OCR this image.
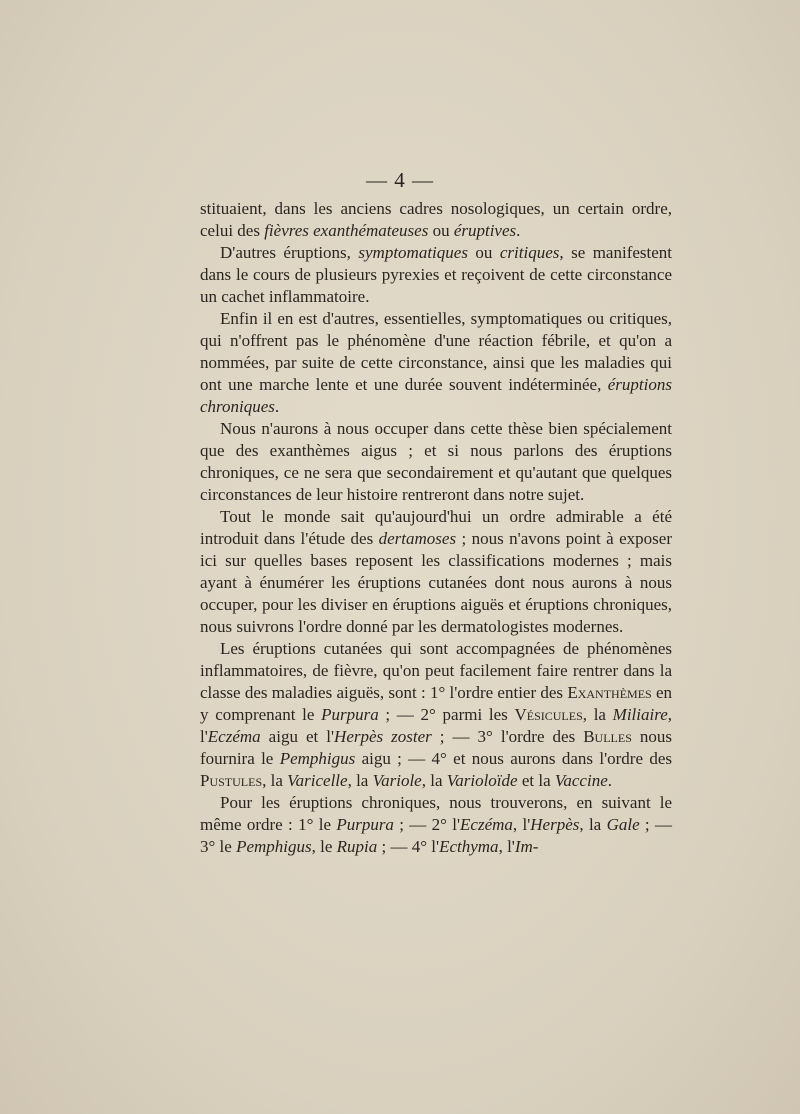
— 4 —

stituaient, dans les anciens cadres nosologiques, un certain ordre, celui des fièvres exanthémateuses ou éruptives.

D'autres éruptions, symptomatiques ou critiques, se manifestent dans le cours de plusieurs pyrexies et reçoivent de cette circonstance un cachet inflammatoire.

Enfin il en est d'autres, essentielles, symptomatiques ou critiques, qui n'offrent pas le phénomène d'une réaction fébrile, et qu'on a nommées, par suite de cette circonstance, ainsi que les maladies qui ont une marche lente et une durée souvent indéterminée, éruptions chroniques.

Nous n'aurons à nous occuper dans cette thèse bien spécialement que des exanthèmes aigus ; et si nous parlons des éruptions chroniques, ce ne sera que secondairement et qu'autant que quelques circonstances de leur histoire rentreront dans notre sujet.

Tout le monde sait qu'aujourd'hui un ordre admirable a été introduit dans l'étude des dertamoses ; nous n'avons point à exposer ici sur quelles bases reposent les classifications modernes ; mais ayant à énumérer les éruptions cutanées dont nous aurons à nous occuper, pour les diviser en éruptions aiguës et éruptions chroniques, nous suivrons l'ordre donné par les dermatologistes modernes.

Les éruptions cutanées qui sont accompagnées de phénomènes inflammatoires, de fièvre, qu'on peut facilement faire rentrer dans la classe des maladies aiguës, sont : 1° l'ordre entier des Exanthèmes en y comprenant le Purpura ; — 2° parmi les Vésicules, la Miliaire, l'Eczéma aigu et l'Herpès zoster ; — 3° l'ordre des Bulles nous fournira le Pemphigus aigu ; — 4° et nous aurons dans l'ordre des Pustules, la Varicelle, la Variole, la Varioloïde et la Vaccine.

Pour les éruptions chroniques, nous trouverons, en suivant le même ordre : 1° le Purpura ; — 2° l'Eczéma, l'Herpès, la Gale ; — 3° le Pemphigus, le Rupia ; — 4° l'Ecthyma, l'Im-
